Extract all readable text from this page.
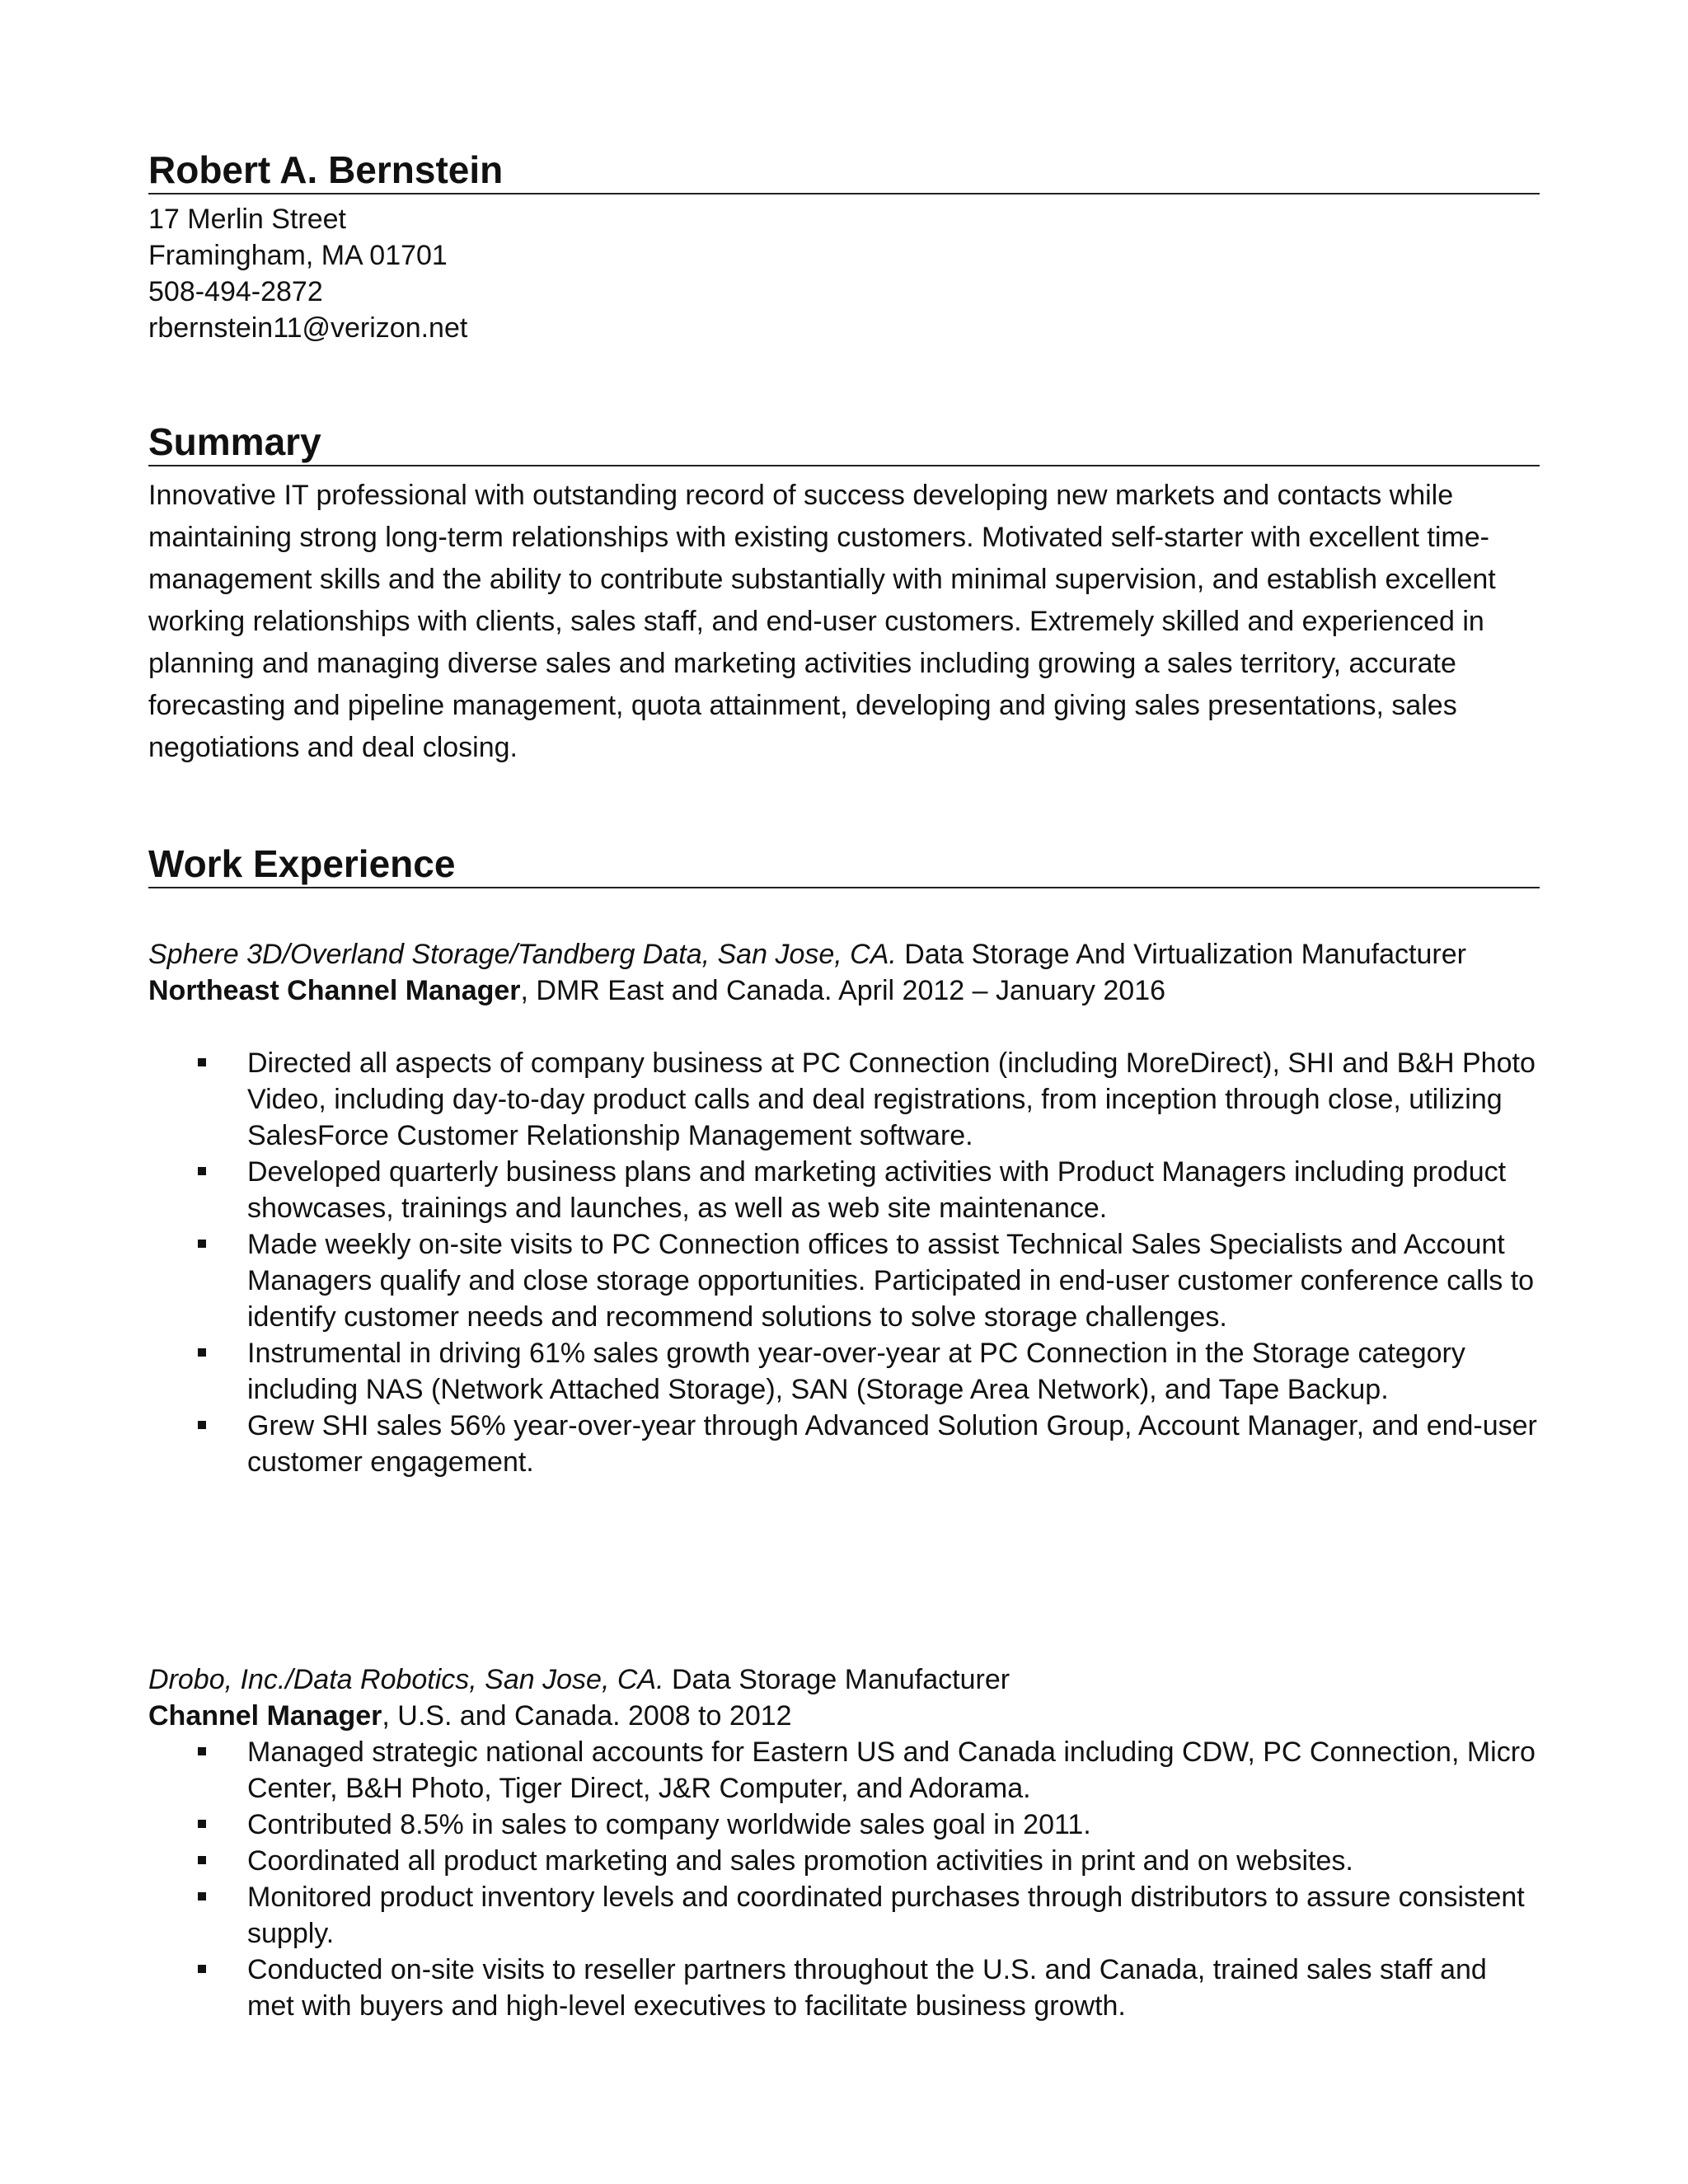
Robert A. Bernstein
17 Merlin Street
Framingham, MA 01701
508-494-2872
rbernstein11@verizon.net
Summary

Innovative IT professional with outstanding record of success developing new markets and contacts while maintaining strong long-term relationships with existing customers. Motivated self-starter with excellent time-management skills and the ability to contribute substantially with minimal supervision, and establish excellent working relationships with clients, sales staff, and end-user customers. Extremely skilled and experienced in planning and managing diverse sales and marketing activities including growing a sales territory, accurate forecasting and pipeline management, quota attainment, developing and giving sales presentations, sales negotiations and deal closing.

Work Experience

Sphere 3D/Overland Storage/Tandberg Data, San Jose, CA. Data Storage And Virtualization Manufacturer

Northeast Channel Manager, DMR East and Canada. April 2012 – January 2016

Directed all aspects of company business at PC Connection (including MoreDirect), SHI and B&H Photo Video, including day-to-day product calls and deal registrations, from inception through close, utilizing SalesForce Customer Relationship Management software.
Developed quarterly business plans and marketing activities with Product Managers including product showcases, trainings and launches, as well as web site maintenance.
Made weekly on-site visits to PC Connection offices to assist Technical Sales Specialists and Account Managers qualify and close storage opportunities. Participated in end-user customer conference calls to identify customer needs and recommend solutions to solve storage challenges.
Instrumental in driving 61% sales growth year-over-year at PC Connection in the Storage category including NAS (Network Attached Storage), SAN (Storage Area Network), and Tape Backup.
Grew SHI sales 56% year-over-year through Advanced Solution Group, Account Manager, and end-user customer engagement.

Drobo, Inc./Data Robotics, San Jose, CA. Data Storage Manufacturer

Channel Manager, U.S. and Canada. 2008 to 2012

Managed strategic national accounts for Eastern US and Canada including CDW, PC Connection, Micro Center, B&H Photo, Tiger Direct, J&R Computer, and Adorama.
Contributed 8.5% in sales to company worldwide sales goal in 2011.
Coordinated all product marketing and sales promotion activities in print and on websites.
Monitored product inventory levels and coordinated purchases through distributors to assure consistent supply.
Conducted on-site visits to reseller partners throughout the U.S. and Canada, trained sales staff and met with buyers and high-level executives to facilitate business growth.
